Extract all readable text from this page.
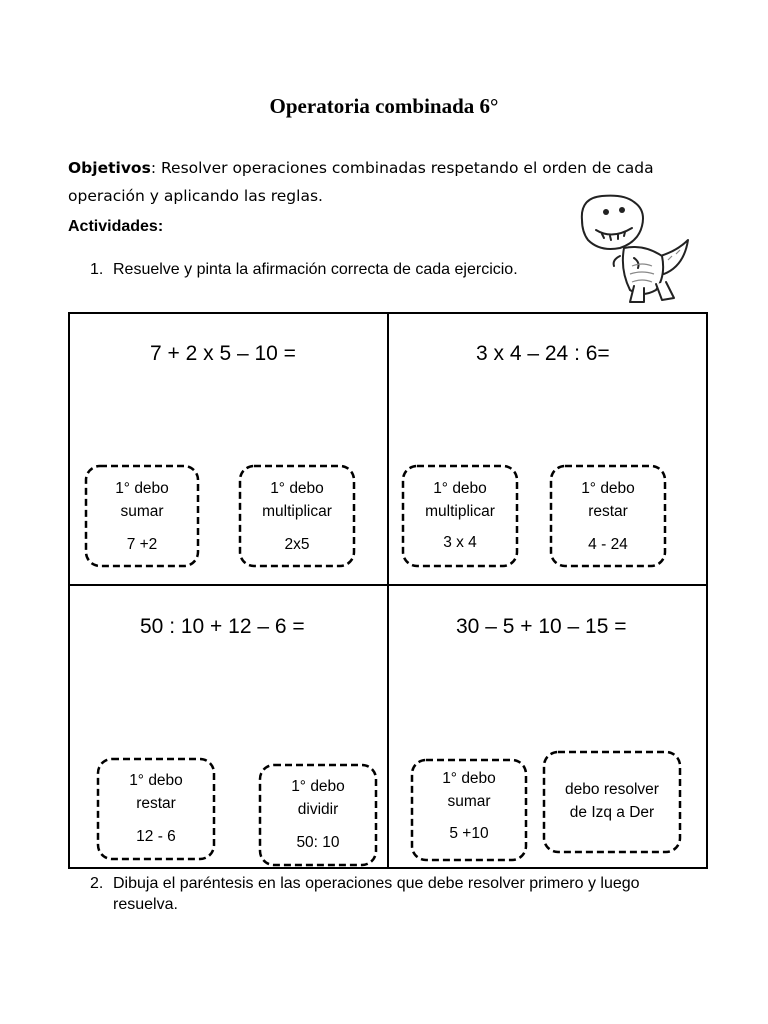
Operatoria combinada 6°
Objetivos: Resolver operaciones combinadas respetando el orden de cada
operación y aplicando las reglas.
Actividades:
1. Resuelve y pinta la afirmación correcta de cada ejercicio.
7 + 2 x 5 – 10 =
1° debo
sumar
7 +2
1° debo
multiplicar
2x5
3 x 4 – 24 : 6=
1° debo
multiplicar
3 x 4
1° debo
restar
4 - 24
50 : 10 + 12 – 6 =
1° debo
restar
12 - 6
1° debo
dividir
50: 10
30 – 5 + 10 – 15 =
1° debo
sumar
5 +10
debo resolver
de Izq a Der
2. Dibuja el paréntesis en las operaciones que debe resolver primero y luego
resuelva.
